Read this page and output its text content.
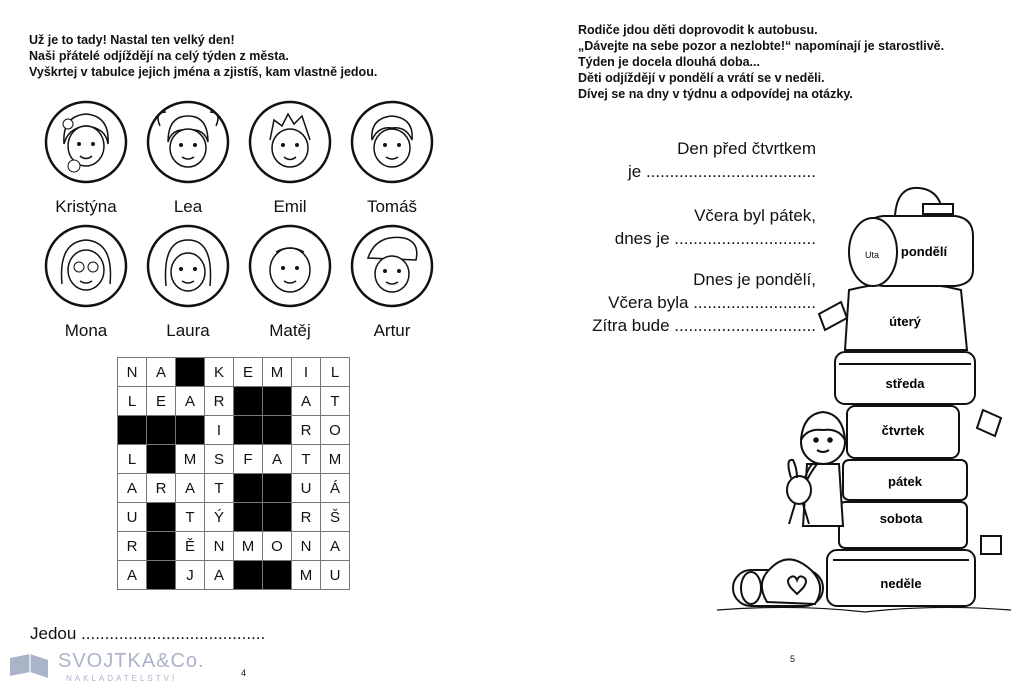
Už je to tady! Nastal ten velký den!
Naši přátelé odjíždějí na celý týden z města.
Vyškrtej v tabulce jejich jména a zjistíš, kam vlastně jedou.
Kristýna	Lea	Emil	Tomáš
Mona	Laura	Matěj	Artur
N	A		K	E	M	I	L
L	E	A	R			A	T
			I			R	O
L		M	S	F	A	T	M
A	R	A	T			U	Á
U		T	Ý			R	Š
R		Ě	N	M	O	N	A
A		J	A			M	U
Jedou .......................................
SVOJTKA&Co.
NAKLADATELSTVÍ
4
Rodiče jdou děti doprovodit k autobusu.
„Dávejte na sebe pozor a nezlobte!“ napomínají je starostlivě.
Týden je docela dlouhá doba...
Děti odjíždějí v pondělí a vrátí se v neděli.
Dívej se na dny v týdnu a odpovídej na otázky.
Den před čtvrtkem
je ....................................
Včera byl pátek,
dnes je ..............................
Dnes je pondělí,
Včera byla ..........................
Zítra bude ..............................
Uta pondělí
úterý
středa
čtvrtek
pátek
sobota
neděle
5
